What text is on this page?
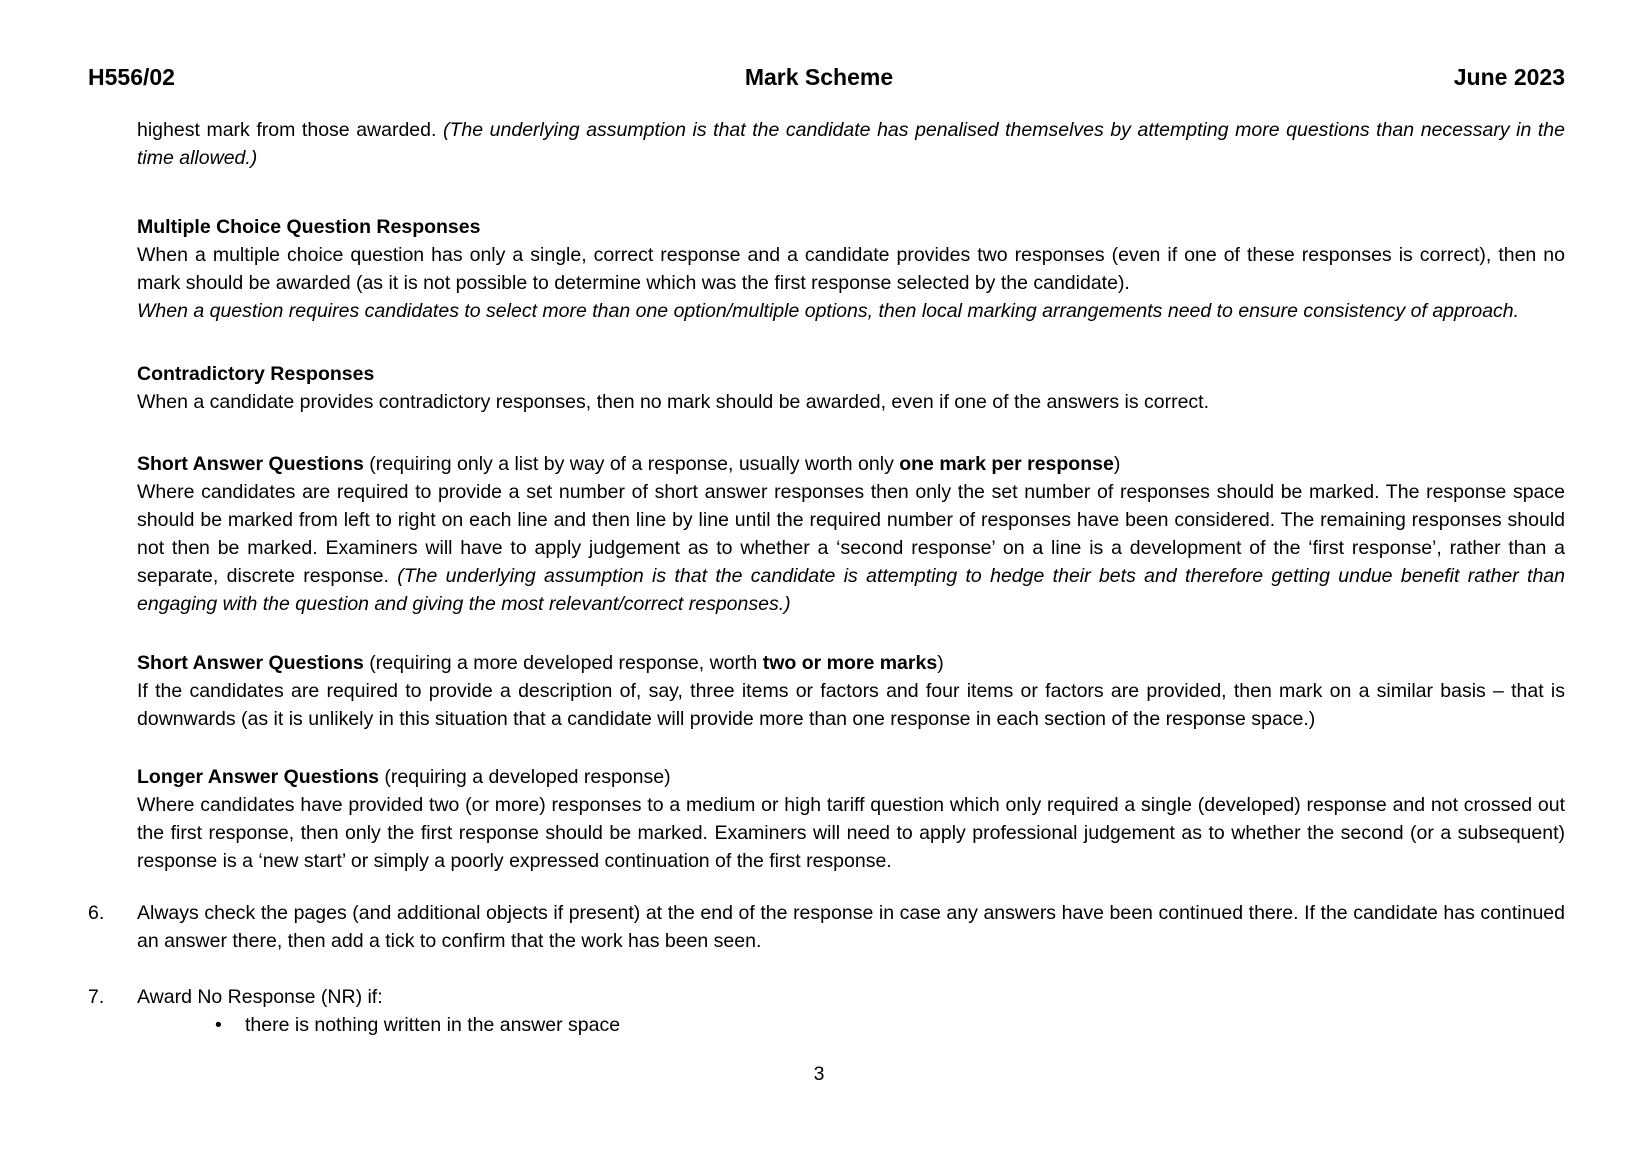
H556/02	Mark Scheme	June 2023

highest mark from those awarded. (The underlying assumption is that the candidate has penalised themselves by attempting more questions than necessary in the time allowed.)

Multiple Choice Question Responses

When a multiple choice question has only a single, correct response and a candidate provides two responses (even if one of these responses is correct), then no mark should be awarded (as it is not possible to determine which was the first response selected by the candidate).

When a question requires candidates to select more than one option/multiple options, then local marking arrangements need to ensure consistency of approach.

Contradictory Responses

When a candidate provides contradictory responses, then no mark should be awarded, even if one of the answers is correct.

Short Answer Questions (requiring only a list by way of a response, usually worth only one mark per response)

Where candidates are required to provide a set number of short answer responses then only the set number of responses should be marked. The response space should be marked from left to right on each line and then line by line until the required number of responses have been considered. The remaining responses should not then be marked. Examiners will have to apply judgement as to whether a ‘second response’ on a line is a development of the ‘first response’, rather than a separate, discrete response. (The underlying assumption is that the candidate is attempting to hedge their bets and therefore getting undue benefit rather than engaging with the question and giving the most relevant/correct responses.)

Short Answer Questions (requiring a more developed response, worth two or more marks)

If the candidates are required to provide a description of, say, three items or factors and four items or factors are provided, then mark on a similar basis – that is downwards (as it is unlikely in this situation that a candidate will provide more than one response in each section of the response space.)

Longer Answer Questions (requiring a developed response)

Where candidates have provided two (or more) responses to a medium or high tariff question which only required a single (developed) response and not crossed out the first response, then only the first response should be marked. Examiners will need to apply professional judgement as to whether the second (or a subsequent) response is a ‘new start’ or simply a poorly expressed continuation of the first response.

6.	Always check the pages (and additional objects if present) at the end of the response in case any answers have been continued there. If the candidate has continued an answer there, then add a tick to confirm that the work has been seen.
7.	Award No Response (NR) if:
•	there is nothing written in the answer space
3
